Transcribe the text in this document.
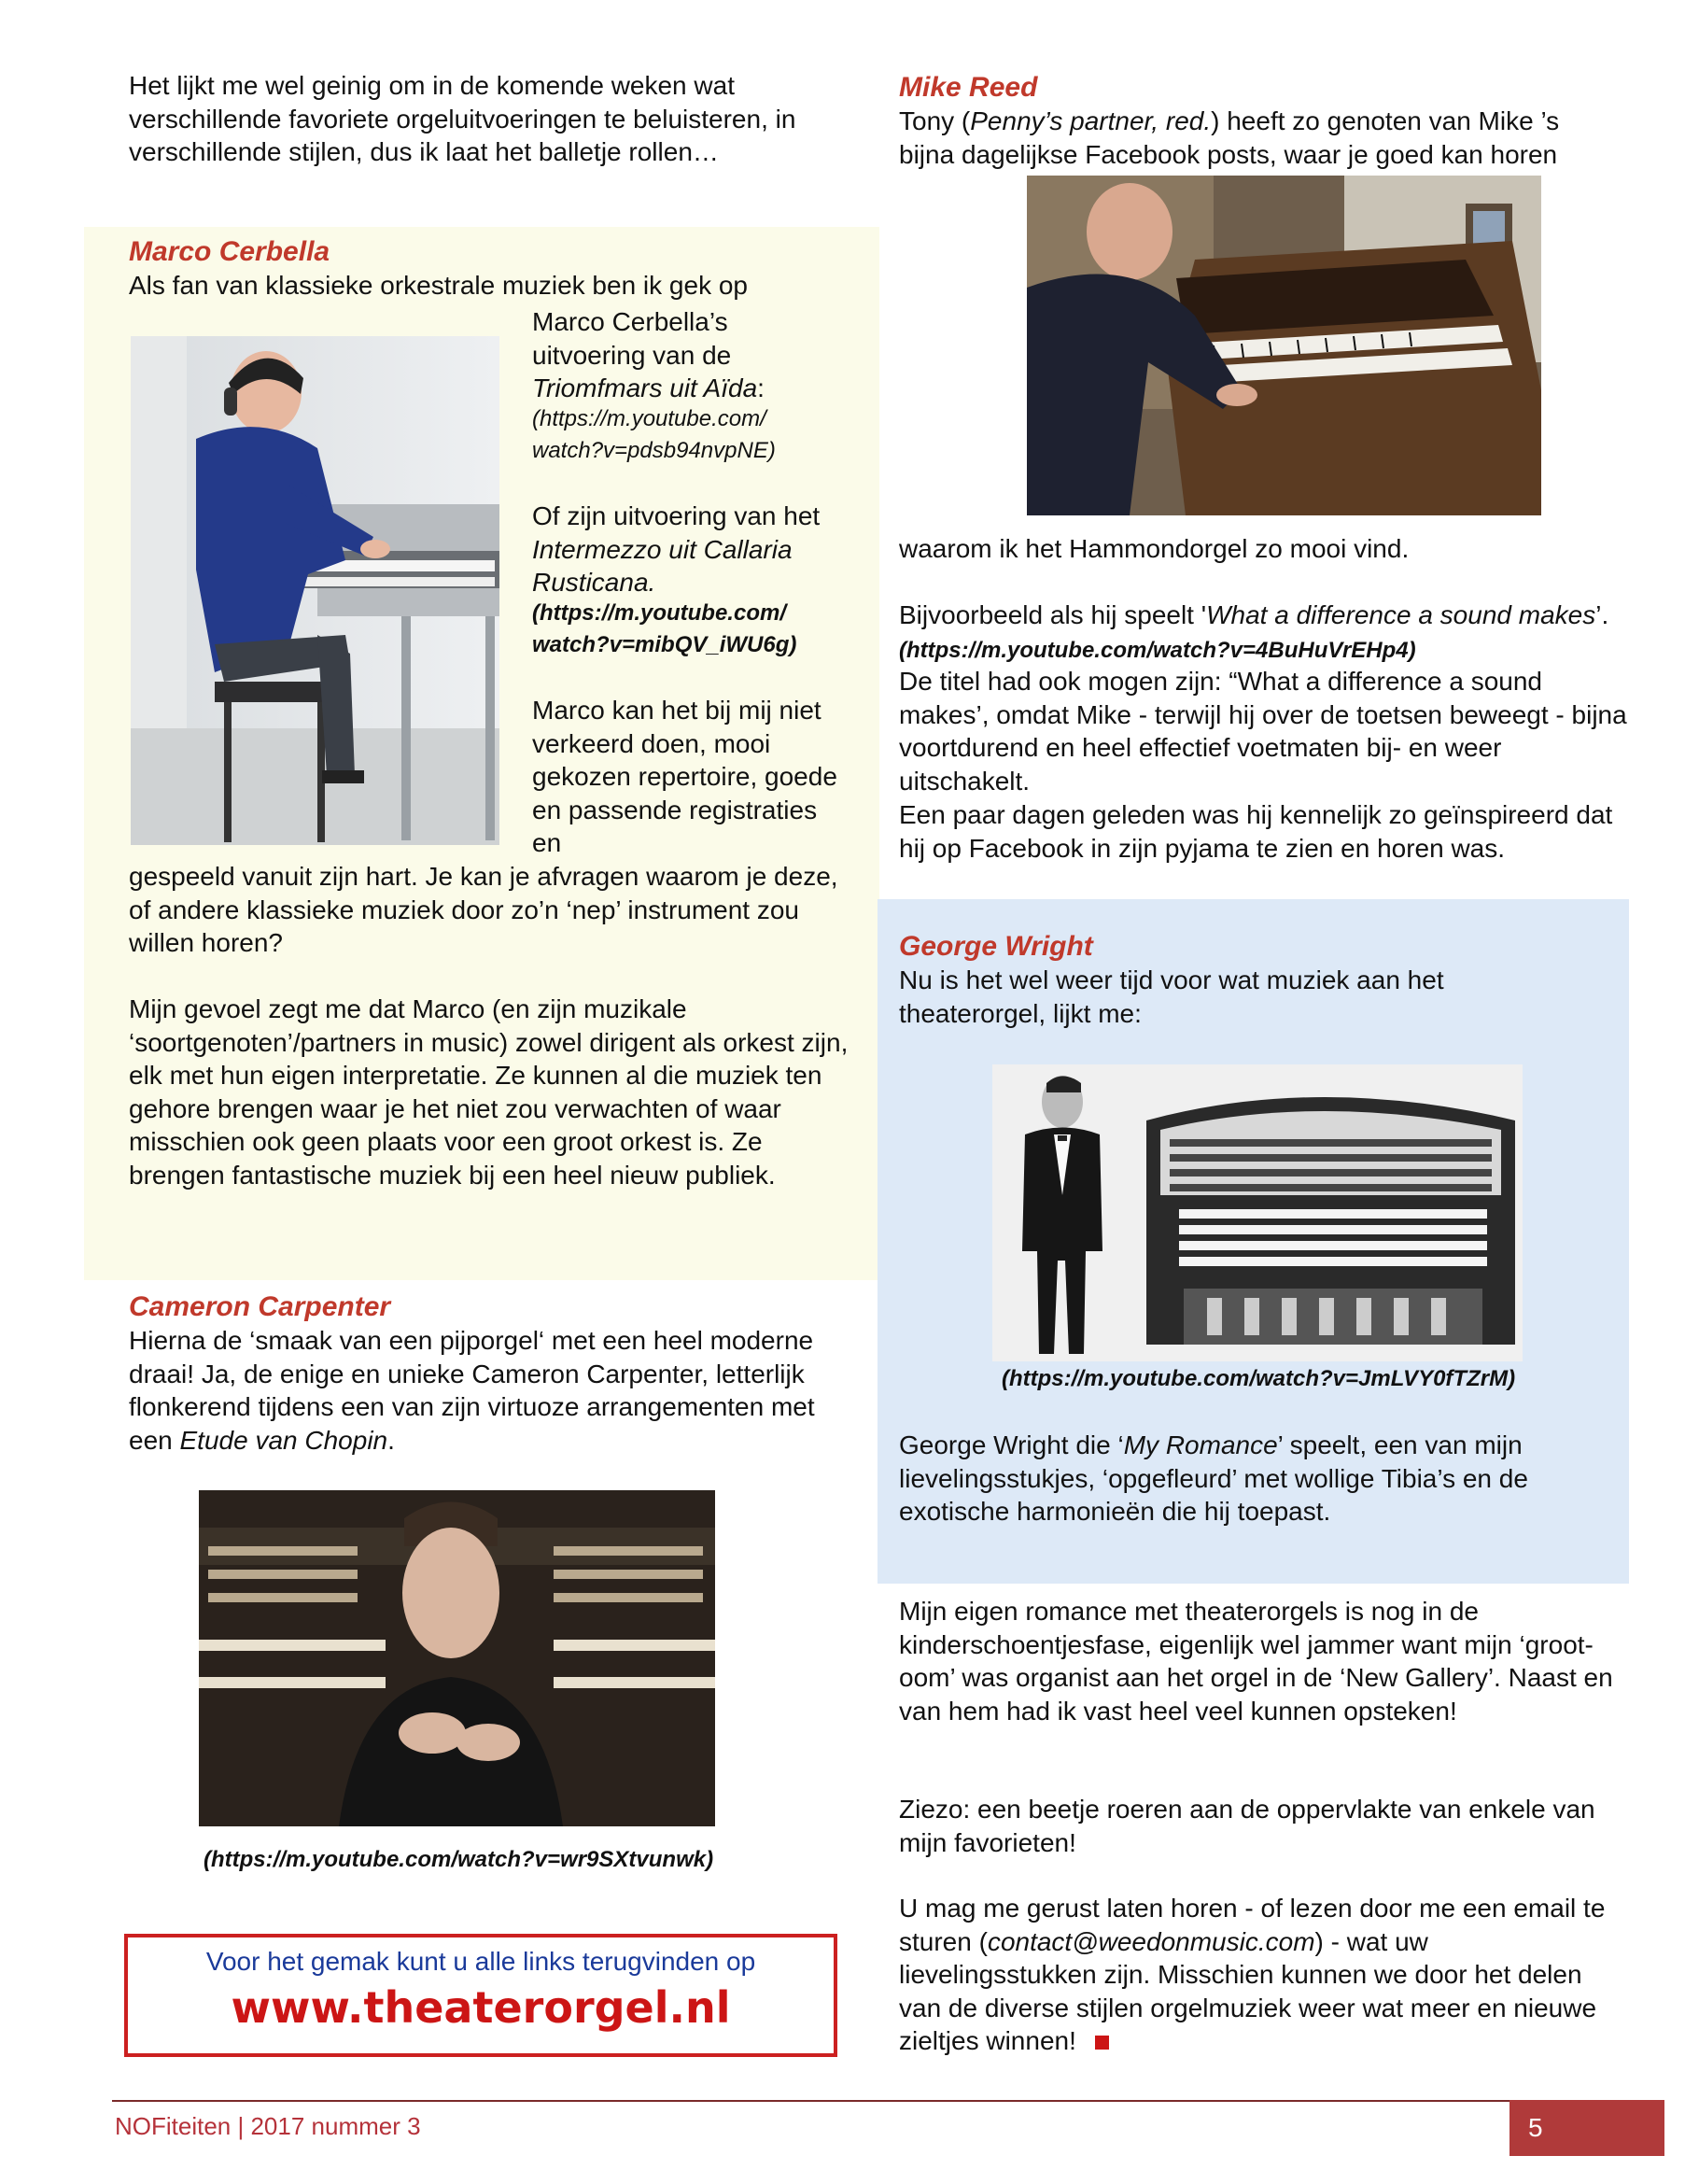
Het lijkt me wel geinig om in de komende weken wat verschillende favoriete orgeluitvoeringen te beluisteren, in verschillende stijlen, dus ik laat het balletje rollen…

Marco Cerbella

Als fan van klassieke orkestrale muziek ben ik gek op

Marco Cerbella’s uitvoering van de Triomfmars uit Aïda:

(https://m.youtube.com/ watch?v=pdsb94nvpNE)

Of zijn uitvoering van het
Intermezzo uit Callaria Rusticana.

(https://m.youtube.com/ watch?v=mibQV_iWU6g)

Marco kan het bij mij niet verkeerd doen, mooi gekozen repertoire, goede en passende registraties en

gespeeld vanuit zijn hart. Je kan je afvragen waarom je deze, of andere klassieke muziek door zo’n ‘nep’ instrument zou willen horen?

Mijn gevoel zegt me dat Marco (en zijn muzikale ‘soortgenoten’/partners in music) zowel dirigent als orkest zijn, elk met hun eigen interpretatie. Ze kunnen al die muziek ten gehore brengen waar je het niet zou verwachten of waar misschien ook geen plaats voor een groot orkest is. Ze brengen fantastische muziek bij een heel nieuw publiek.

Cameron Carpenter

Hierna de ‘smaak van een pijporgel‘ met een heel moderne draai! Ja, de enige en unieke Cameron Carpenter, letterlijk flonkerend tijdens een van zijn virtuoze arrangementen met een Etude van Chopin.

(https://m.youtube.com/watch?v=wr9SXtvunwk)

Voor het gemak kunt u alle links terugvinden op
www.theaterorgel.nl

Mike Reed

Tony (Penny’s partner, red.) heeft zo genoten van Mike ’s bijna dagelijkse Facebook posts, waar je goed kan horen

waarom ik het Hammondorgel zo mooi vind.

Bijvoorbeeld als hij speelt 'What a difference a sound makes’. (https://m.youtube.com/watch?v=4BuHuVrEHp4)

De titel had ook mogen zijn: “What a difference a sound makes’, omdat Mike - terwijl hij over de toetsen beweegt - bijna voortdurend en heel effectief voetmaten bij- en weer uitschakelt.

Een paar dagen geleden was hij kennelijk zo geïnspireerd dat hij op Facebook in zijn pyjama te zien en horen was.

George Wright

Nu is het wel weer tijd voor wat muziek aan het theaterorgel, lijkt me:

(https://m.youtube.com/watch?v=JmLVY0fTZrM)

George Wright die ‘My Romance’ speelt, een van mijn lievelingsstukjes, ‘opgefleurd’ met wollige Tibia’s en de exotische harmonieën die hij toepast.

Mijn eigen romance met theaterorgels is nog in de kinderschoentjesfase, eigenlijk wel jammer want mijn ‘groot-oom’ was organist aan het orgel in de ‘New Gallery’. Naast en van hem had ik vast heel veel kunnen opsteken!

Ziezo: een beetje roeren aan de oppervlakte van enkele van mijn favorieten!

U mag me gerust laten horen - of lezen door me een email te sturen (contact@weedonmusic.com) - wat uw lievelingsstukken zijn. Misschien kunnen we door het delen van de diverse stijlen orgelmuziek weer wat meer en nieuwe zieltjes winnen!

NOFiteiten | 2017 nummer 3	5
